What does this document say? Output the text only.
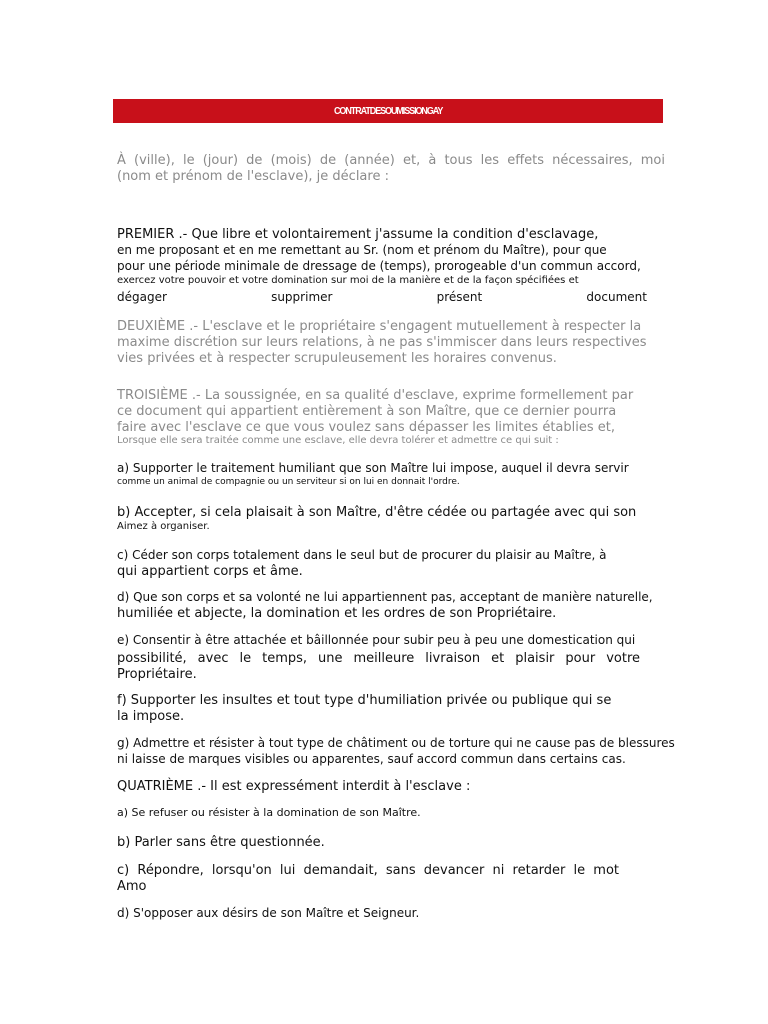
CONTRATDESOUMISSIONGAY
À (ville), le (jour) de (mois) de (année) et, à tous les effets nécessaires, moi
(nom et prénom de l'esclave), je déclare :
PREMIER .- Que libre et volontairement j'assume la condition d'esclavage,
en me proposant et en me remettant au Sr. (nom et prénom du Maître), pour que
pour une période minimale de dressage de (temps), prorogeable d'un commun accord,
exercez votre pouvoir et votre domination sur moi de la manière et de la façon spécifiées et
dégager	supprimer	présent	document
DEUXIÈME .- L'esclave et le propriétaire s'engagent mutuellement à respecter la
maxime discrétion sur leurs relations, à ne pas s'immiscer dans leurs respectives
vies privées et à respecter scrupuleusement les horaires convenus.
TROISIÈME .- La soussignée, en sa qualité d'esclave, exprime formellement par
ce document qui appartient entièrement à son Maître, que ce dernier pourra
faire avec l'esclave ce que vous voulez sans dépasser les limites établies et,
Lorsque elle sera traitée comme une esclave, elle devra tolérer et admettre ce qui suit :
a) Supporter le traitement humiliant que son Maître lui impose, auquel il devra servir
comme un animal de compagnie ou un serviteur si on lui en donnait l'ordre.
b) Accepter, si cela plaisait à son Maître, d'être cédée ou partagée avec qui son
Aimez à organiser.
c) Céder son corps totalement dans le seul but de procurer du plaisir au Maître, à
qui appartient corps et âme.
d) Que son corps et sa volonté ne lui appartiennent pas, acceptant de manière naturelle,
humiliée et abjecte, la domination et les ordres de son Propriétaire.
e) Consentir à être attachée et bâillonnée pour subir peu à peu une domestication qui
possibilité, avec le temps, une meilleure livraison et plaisir pour votre
Propriétaire.
f) Supporter les insultes et tout type d'humiliation privée ou publique qui se
la impose.
g) Admettre et résister à tout type de châtiment ou de torture qui ne cause pas de blessures
ni laisse de marques visibles ou apparentes, sauf accord commun dans certains cas.
QUATRIÈME .- Il est expressément interdit à l'esclave :
a) Se refuser ou résister à la domination de son Maître.
b) Parler sans être questionnée.
c) Répondre, lorsqu'on lui demandait, sans devancer ni retarder le mot
Amo
d) S'opposer aux désirs de son Maître et Seigneur.
